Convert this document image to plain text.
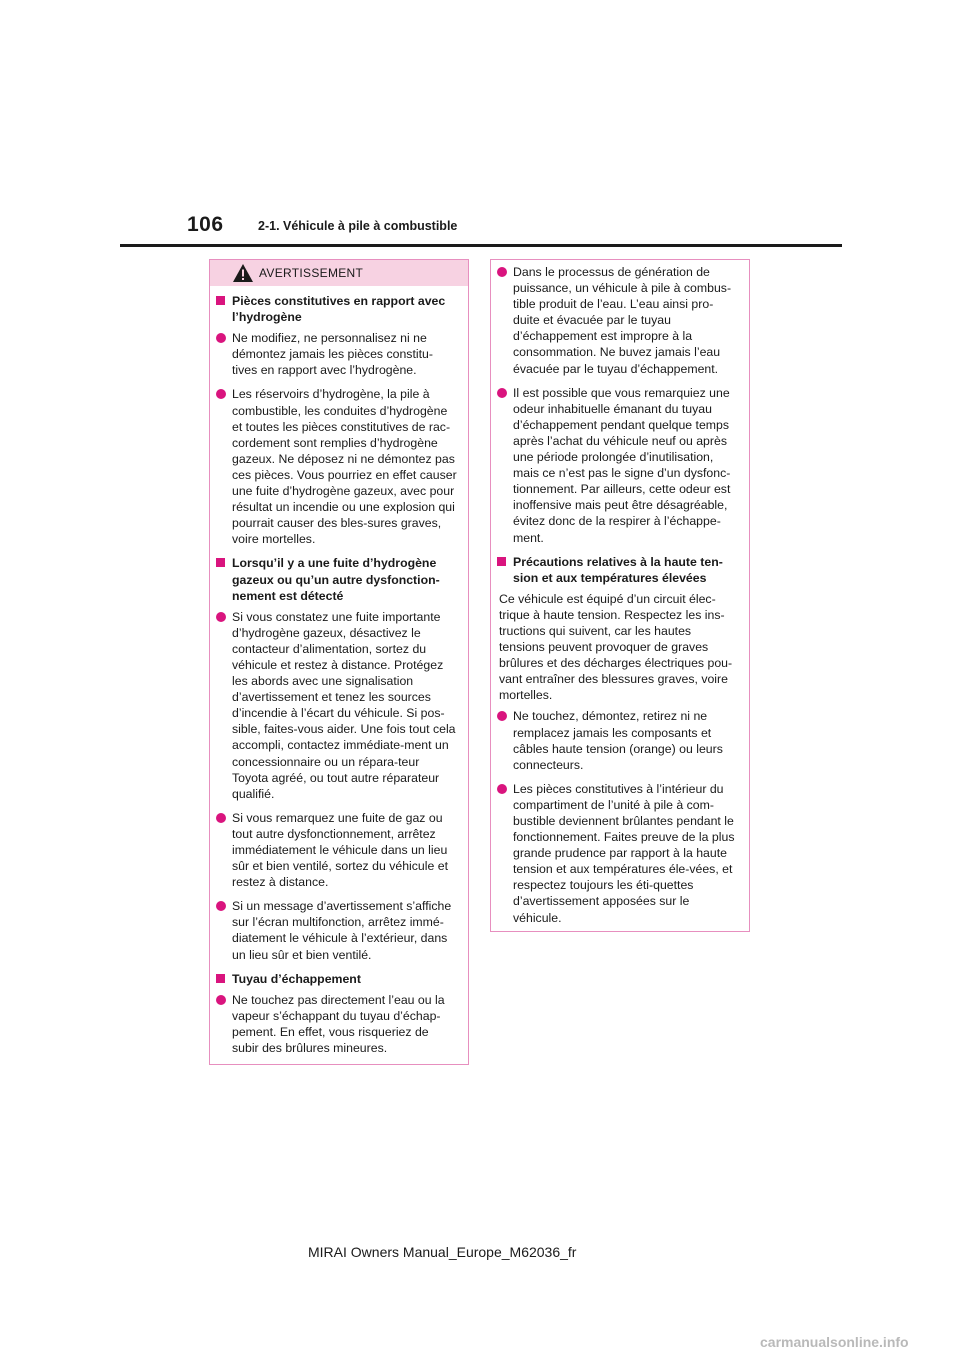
106	2-1. Véhicule à pile à combustible
AVERTISSEMENT
Pièces constitutives en rapport avec l’hydrogène
Ne modifiez, ne personnalisez ni ne démontez jamais les pièces constitu-tives en rapport avec l’hydrogène.
Les réservoirs d’hydrogène, la pile à combustible, les conduites d’hydrogène et toutes les pièces constitutives de rac-cordement sont remplies d’hydrogène gazeux. Ne déposez ni ne démontez pas ces pièces. Vous pourriez en effet causer une fuite d’hydrogène gazeux, avec pour résultat un incendie ou une explosion qui pourrait causer des bles-sures graves, voire mortelles.
Lorsqu’il y a une fuite d’hydrogène gazeux ou qu’un autre dysfonction-nement est détecté
Si vous constatez une fuite importante d’hydrogène gazeux, désactivez le contacteur d’alimentation, sortez du véhicule et restez à distance. Protégez les abords avec une signalisation d’avertissement et tenez les sources d’incendie à l’écart du véhicule. Si pos-sible, faites-vous aider. Une fois tout cela accompli, contactez immédiate-ment un concessionnaire ou un répara-teur Toyota agréé, ou tout autre réparateur qualifié.
Si vous remarquez une fuite de gaz ou tout autre dysfonctionnement, arrêtez immédiatement le véhicule dans un lieu sûr et bien ventilé, sortez du véhicule et restez à distance.
Si un message d’avertissement s’affiche sur l’écran multifonction, arrêtez immé-diatement le véhicule à l’extérieur, dans un lieu sûr et bien ventilé.
Tuyau d’échappement
Ne touchez pas directement l’eau ou la vapeur s’échappant du tuyau d’échap-pement. En effet, vous risqueriez de subir des brûlures mineures.
Dans le processus de génération de puissance, un véhicule à pile à combus-tible produit de l’eau. L’eau ainsi pro-duite et évacuée par le tuyau d’échappement est impropre à la consommation. Ne buvez jamais l’eau évacuée par le tuyau d’échappement.
Il est possible que vous remarquiez une odeur inhabituelle émanant du tuyau d’échappement pendant quelque temps après l’achat du véhicule neuf ou après une période prolongée d’inutilisation, mais ce n’est pas le signe d’un dysfonc-tionnement. Par ailleurs, cette odeur est inoffensive mais peut être désagréable, évitez donc de la respirer à l’échappe-ment.
Précautions relatives à la haute ten-sion et aux températures élevées
Ce véhicule est équipé d’un circuit élec-trique à haute tension. Respectez les ins-tructions qui suivent, car les hautes tensions peuvent provoquer de graves brûlures et des décharges électriques pou-vant entraîner des blessures graves, voire mortelles.
Ne touchez, démontez, retirez ni ne remplacez jamais les composants et câbles haute tension (orange) ou leurs connecteurs.
Les pièces constitutives à l’intérieur du compartiment de l’unité à pile à com-bustible deviennent brûlantes pendant le fonctionnement. Faites preuve de la plus grande prudence par rapport à la haute tension et aux températures éle-vées, et respectez toujours les éti-quettes d’avertissement apposées sur le véhicule.
MIRAI Owners Manual_Europe_M62036_fr
carmanualsonline.info
